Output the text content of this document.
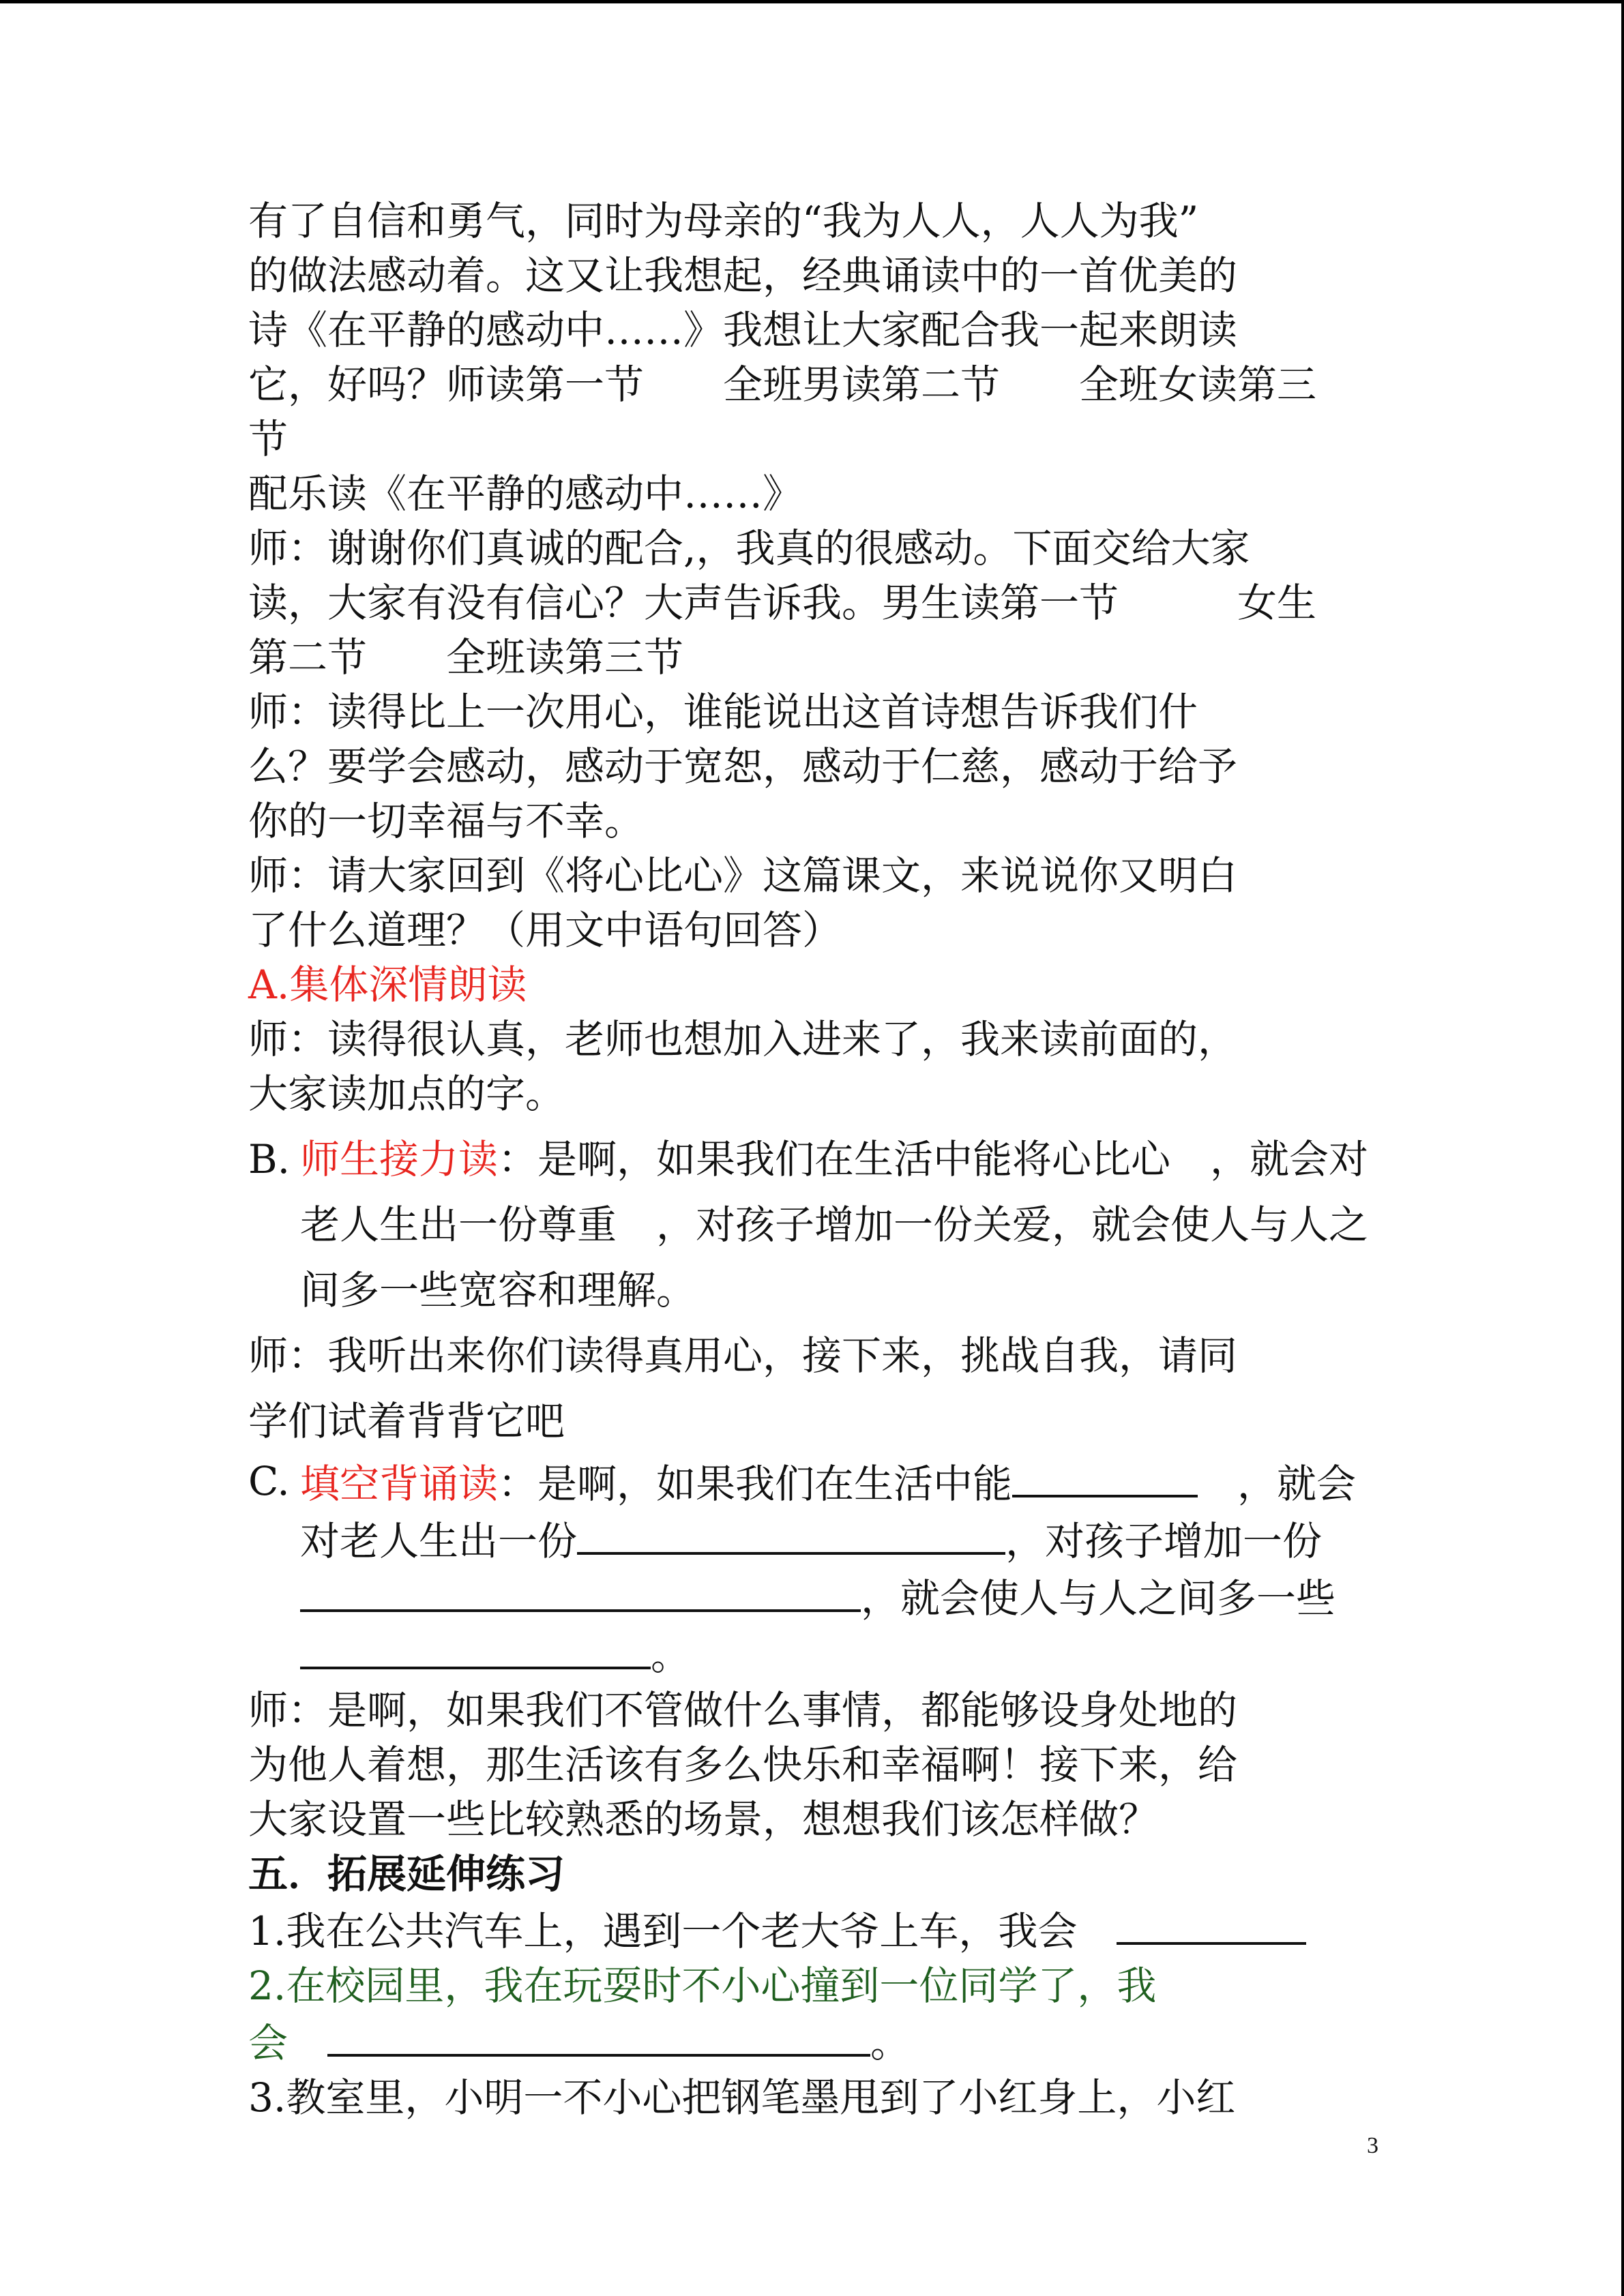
有了自信和勇气，同时为母亲的“我为人人，人人为我”

的做法感动着。这又让我想起，经典诵读中的一首优美的

诗《在平静的感动中……》我想让大家配合我一起来朗读

它，好吗？师读第一节　　全班男读第二节　　全班女读第三

节

配乐读《在平静的感动中……》

师：谢谢你们真诚的配合,，我真的很感动。下面交给大家

读，大家有没有信心？大声告诉我。男生读第一节　　　女生

第二节　　全班读第三节

师：读得比上一次用心，谁能说出这首诗想告诉我们什

么？要学会感动，感动于宽恕，感动于仁慈，感动于给予

你的一切幸福与不幸。

师：请大家回到《将心比心》这篇课文，来说说你又明白

了什么道理？（用文中语句回答）

A.集体深情朗读

师：读得很认真，老师也想加入进来了，我来读前面的，

大家读加点的字。

B. 师生接力读：是啊，如果我们在生活中能将心比心　，就会对老人生出一份尊重　，对孩子增加一份关爱，就会使人与人之间多一些宽容和理解。

师：我听出来你们读得真用心，接下来，挑战自我，请同

学们试着背背它吧

C. 填空背诵读：是啊，如果我们在生活中能	　，就会对老人生出一份	，对孩子增加一份，就会使人与人之间多一些。

师：是啊，如果我们不管做什么事情，都能够设身处地的

为他人着想，那生活该有多么快乐和幸福啊！接下来，给

大家设置一些比较熟悉的场景，想想我们该怎样做？

五．拓展延伸练习

1.我在公共汽车上，遇到一个老大爷上车，我会　

2.在校园里，我在玩耍时不小心撞到一位同学了，我

会　	。

3.教室里，小明一不小心把钢笔墨甩到了小红身上，小红

3
